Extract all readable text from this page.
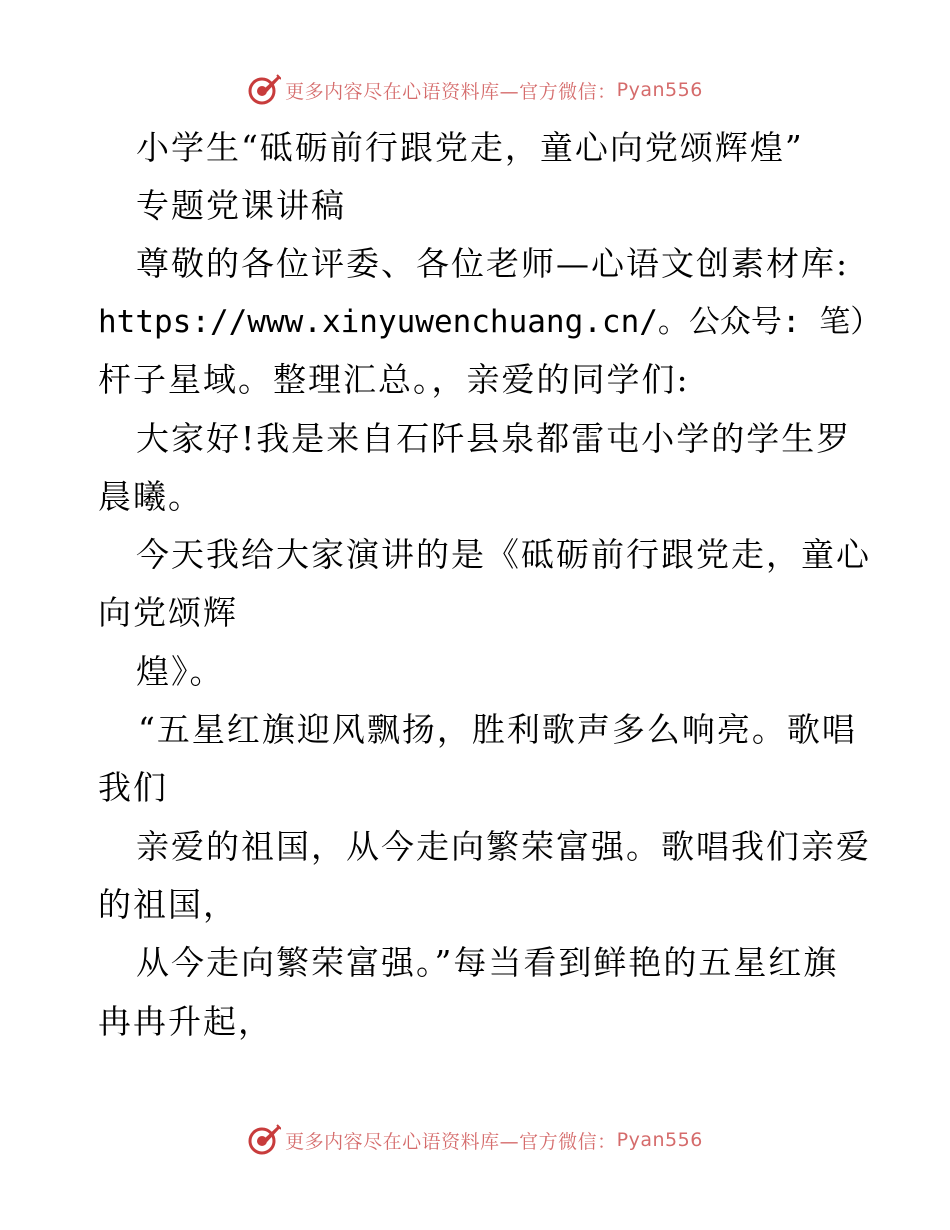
更多内容尽在心语资料库—官方微信： Pyan556
小学生“砥砺前行跟党走，童心向党颂辉煌”
专题党课讲稿
尊敬的各位评委、各位老师—心语文创素材库:
https://www.xinyuwenchuang.cn/。公众号: 笔）
杆子星域。整理汇总。，亲爱的同学们:
大家好!我是来自石阡县泉都雷屯小学的学生罗
晨曦。
今天我给大家演讲的是《砥砺前行跟党走，童心
向党颂辉
煌》。
“五星红旗迎风飘扬，胜利歌声多么响亮。歌唱
我们
亲爱的祖国，从今走向繁荣富强。歌唱我们亲爱
的祖国，
从今走向繁荣富强。”每当看到鲜艳的五星红旗
冉冉升起，
更多内容尽在心语资料库—官方微信： Pyan556
